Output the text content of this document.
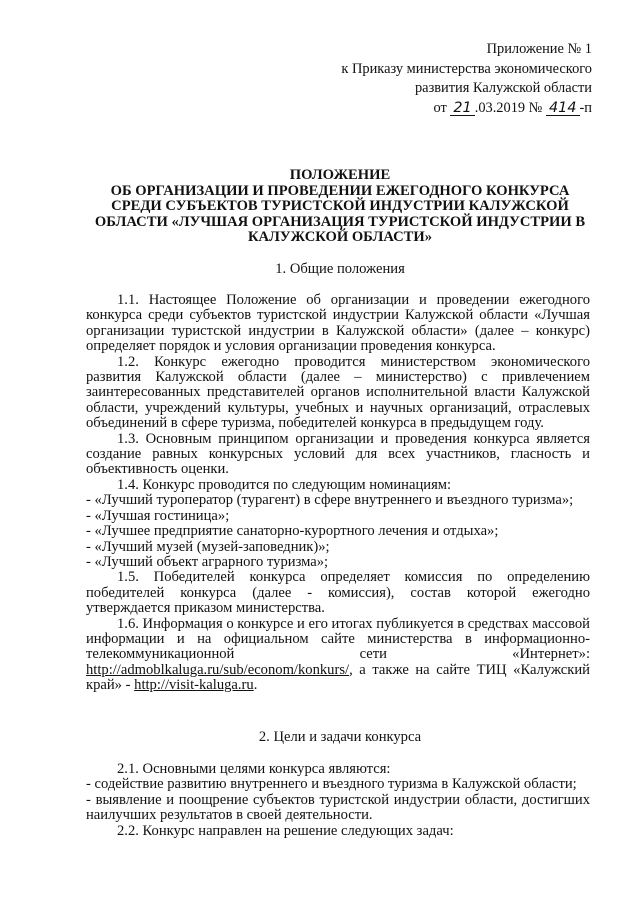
Приложение № 1
к Приказу министерства экономического
развития Калужской области
от 21 .03.2019 № 414 -п
ПОЛОЖЕНИЕ
ОБ ОРГАНИЗАЦИИ И ПРОВЕДЕНИИ ЕЖЕГОДНОГО КОНКУРСА
СРЕДИ СУБЪЕКТОВ ТУРИСТСКОЙ ИНДУСТРИИ КАЛУЖСКОЙ
ОБЛАСТИ «ЛУЧШАЯ ОРГАНИЗАЦИЯ ТУРИСТСКОЙ ИНДУСТРИИ В
КАЛУЖСКОЙ ОБЛАСТИ»
1. Общие положения

1.1. Настоящее Положение об организации и проведении ежегодного конкурса среди субъектов туристской индустрии Калужской области «Лучшая организации туристской индустрии в Калужской области» (далее – конкурс) определяет порядок и условия организации проведения конкурса.

1.2. Конкурс ежегодно проводится министерством экономического развития Калужской области (далее – министерство) с привлечением заинтересованных представителей органов исполнительной власти Калужской области, учреждений культуры, учебных и научных организаций, отраслевых объединений в сфере туризма, победителей конкурса в предыдущем году.

1.3. Основным принципом организации и проведения конкурса является создание равных конкурсных условий для всех участников, гласность и объективность оценки.

1.4. Конкурс проводится по следующим номинациям:

- «Лучший туроператор (турагент) в сфере внутреннего и въездного туризма»;

- «Лучшая гостиница»;

- «Лучшее предприятие санаторно-курортного лечения и отдыха»;

- «Лучший музей (музей-заповедник)»;

- «Лучший объект аграрного туризма»;

1.5. Победителей конкурса определяет комиссия по определению победителей конкурса (далее - комиссия), состав которой ежегодно утверждается приказом министерства.

1.6. Информация о конкурсе и его итогах публикуется в средствах массовой информации и на официальном сайте министерства в информационно-телекоммуникационной сети «Интернет»: http://admoblkaluga.ru/sub/econom/konkurs/, а также на сайте ТИЦ «Калужский край» - http://visit-kaluga.ru.

2. Цели и задачи конкурса

2.1. Основными целями конкурса являются:

- содействие развитию внутреннего и въездного туризма в Калужской области;

- выявление и поощрение субъектов туристской индустрии области, достигших наилучших результатов в своей деятельности.

2.2. Конкурс направлен на решение следующих задач:
